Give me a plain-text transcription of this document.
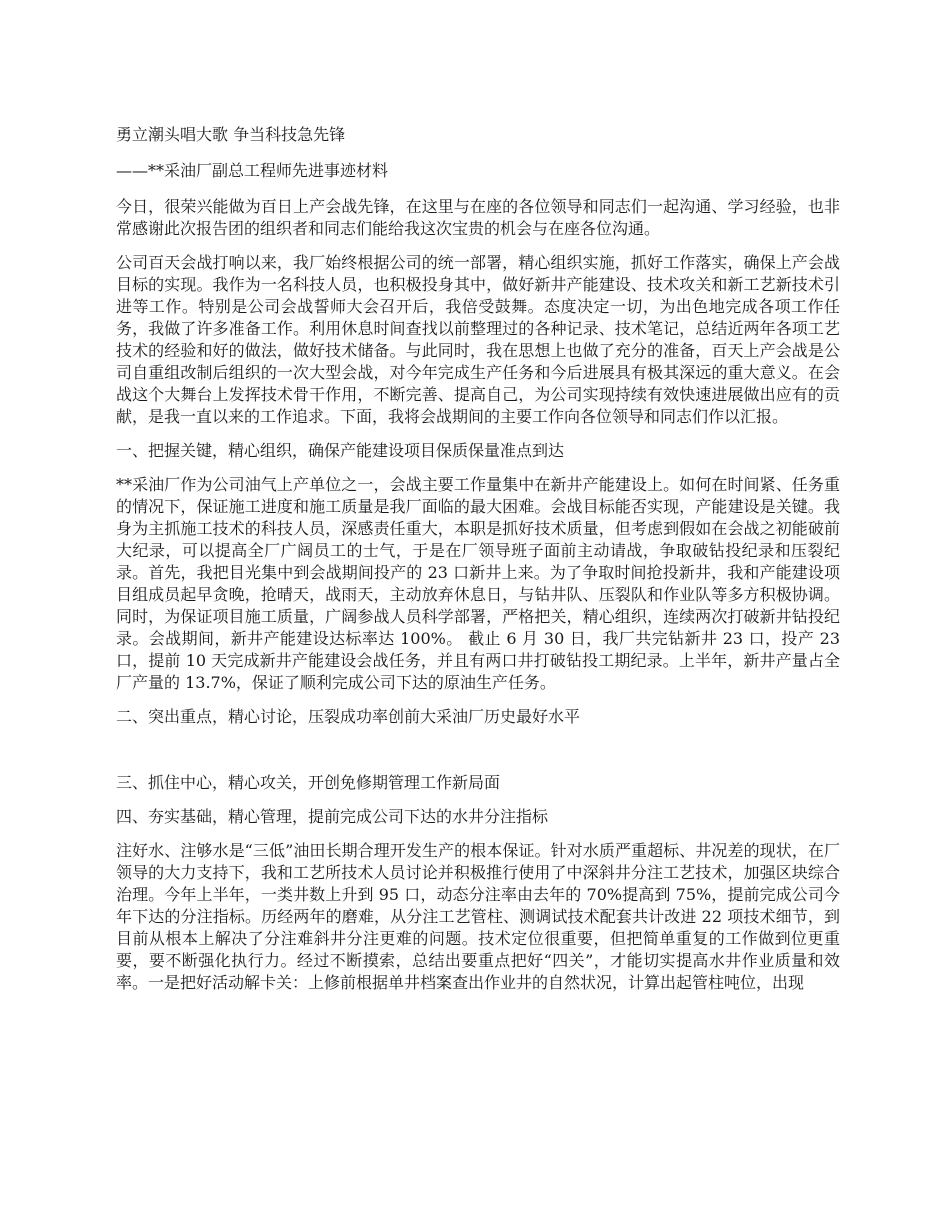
勇立潮头唱大歌 争当科技急先锋

——**采油厂副总工程师先进事迹材料

今日，很荣兴能做为百日上产会战先锋，在这里与在座的各位领导和同志们一起沟通、学习经验，也非常感谢此次报告团的组织者和同志们能给我这次宝贵的机会与在座各位沟通。

公司百天会战打响以来，我厂始终根据公司的统一部署，精心组织实施，抓好工作落实，确保上产会战目标的实现。我作为一名科技人员，也积极投身其中，做好新井产能建设、技术攻关和新工艺新技术引进等工作。特别是公司会战誓师大会召开后，我倍受鼓舞。态度决定一切，为出色地完成各项工作任务，我做了许多准备工作。利用休息时间查找以前整理过的各种记录、技术笔记，总结近两年各项工艺技术的经验和好的做法，做好技术储备。与此同时，我在思想上也做了充分的准备，百天上产会战是公司自重组改制后组织的一次大型会战，对今年完成生产任务和今后进展具有极其深远的重大意义。在会战这个大舞台上发挥技术骨干作用，不断完善、提高自己，为公司实现持续有效快速进展做出应有的贡献，是我一直以来的工作追求。下面，我将会战期间的主要工作向各位领导和同志们作以汇报。

一、把握关键，精心组织，确保产能建设项目保质保量准点到达

**采油厂作为公司油气上产单位之一，会战主要工作量集中在新井产能建设上。如何在时间紧、任务重的情况下，保证施工进度和施工质量是我厂面临的最大困难。会战目标能否实现，产能建设是关键。我身为主抓施工技术的科技人员，深感责任重大，本职是抓好技术质量，但考虑到假如在会战之初能破前大纪录，可以提高全厂广阔员工的士气，于是在厂领导班子面前主动请战，争取破钻投纪录和压裂纪录。首先，我把目光集中到会战期间投产的 23 口新井上来。为了争取时间抢投新井，我和产能建设项目组成员起早贪晚，抢晴天，战雨天，主动放弃休息日，与钻井队、压裂队和作业队等多方积极协调。同时，为保证项目施工质量，广阔参战人员科学部署，严格把关，精心组织，连续两次打破新井钻投纪录。会战期间，新井产能建设达标率达 100%。 截止 6 月 30 日，我厂共完钻新井 23 口，投产 23 口，提前 10 天完成新井产能建设会战任务，并且有两口井打破钻投工期纪录。上半年，新井产量占全厂产量的 13.7%，保证了顺利完成公司下达的原油生产任务。

二、突出重点，精心讨论，压裂成功率创前大采油厂历史最好水平

三、抓住中心，精心攻关，开创免修期管理工作新局面

四、夯实基础，精心管理，提前完成公司下达的水井分注指标

注好水、注够水是“三低”油田长期合理开发生产的根本保证。针对水质严重超标、井况差的现状，在厂领导的大力支持下，我和工艺所技术人员讨论并积极推行使用了中深斜井分注工艺技术，加强区块综合治理。今年上半年，一类井数上升到 95 口，动态分注率由去年的 70%提高到 75%，提前完成公司今年下达的分注指标。历经两年的磨难，从分注工艺管柱、测调试技术配套共计改进 22 项技术细节，到目前从根本上解决了分注难斜井分注更难的问题。技术定位很重要，但把简单重复的工作做到位更重要，要不断强化执行力。经过不断摸索，总结出要重点把好“四关”，才能切实提高水井作业质量和效率。一是把好活动解卡关：上修前根据单井档案查出作业井的自然状况，计算出起管柱吨位，出现
